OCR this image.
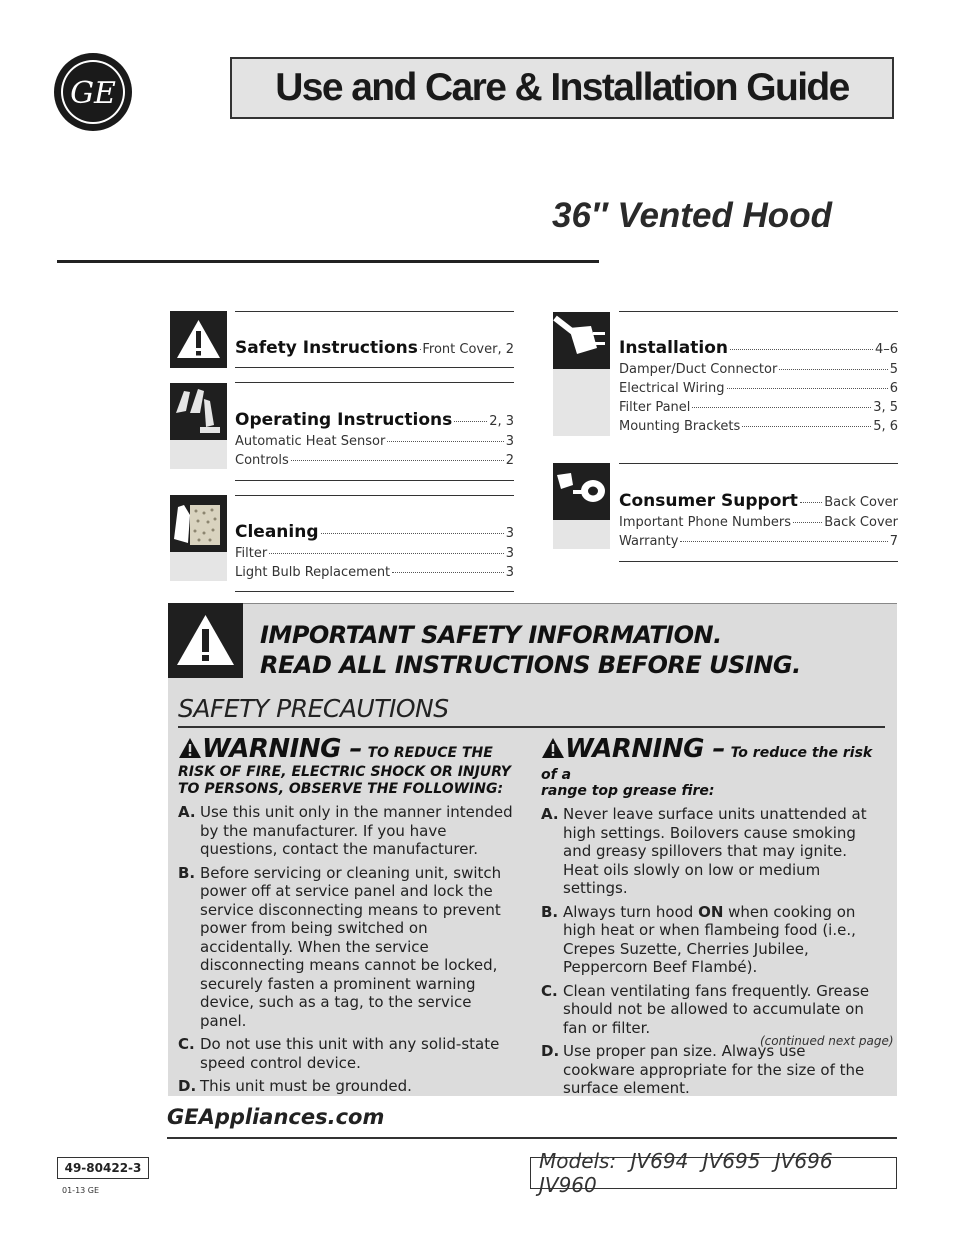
GE	Use and Care & Installation Guide
36″ Vented Hood
Safety Instructions Front Cover, 2
Operating Instructions	2, 3
Automatic Heat Sensor	3
Controls	2
Cleaning	3
Filter	3
Light Bulb Replacement	3
Installation	4–6
Damper/Duct Connector	5
Electrical Wiring	6
Filter Panel	3, 5
Mounting Brackets	5, 6
Consumer Support Back Cover
Important Phone Numbers	Back Cover
Warranty	7
IMPORTANT SAFETY INFORMATION.
READ ALL INSTRUCTIONS BEFORE USING.
SAFETY PRECAUTIONS
WARNING – TO REDUCE THE
RISK OF FIRE, ELECTRIC SHOCK OR INJURY TO PERSONS, OBSERVE THE FOLLOWING:
A. Use this unit only in the manner intended by the manufacturer. If you have questions, contact the manufacturer.
B. Before servicing or cleaning unit, switch power off at service panel and lock the service disconnecting means to prevent power from being switched on accidentally. When the service disconnecting means cannot be locked, securely fasten a prominent warning device, such as a tag, to the service panel.
C. Do not use this unit with any solid-state speed control device.
D. This unit must be grounded.
WARNING – To reduce the risk of a
range top grease fire:
A. Never leave surface units unattended at high settings. Boilovers cause smoking and greasy spillovers that may ignite. Heat oils slowly on low or medium settings.
B. Always turn hood ON when cooking on high heat or when flambeing food (i.e., Crepes Suzette, Cherries Jubilee, Peppercorn Beef Flambé).
C. Clean ventilating fans frequently. Grease should not be allowed to accumulate on fan or filter.
D. Use proper pan size. Always use cookware appropriate for the size of the surface element.
(continued next page)
GEAppliances.com
49-80422-3
01-13 GE
Models: JV694 JV695 JV696 JV960
